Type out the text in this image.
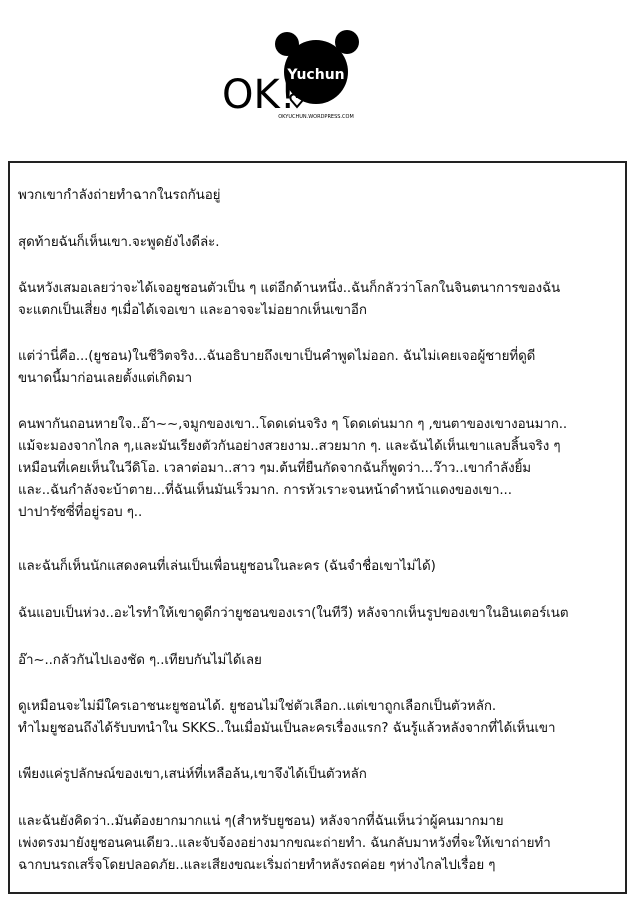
OK!
Yuchun
OKYUCHUN.WORDPRESS.COM
พวกเขากำลังถ่ายทำฉากในรถกันอยู่
สุดท้ายฉันก็เห็นเขา.จะพูดยังไงดีล่ะ.
ฉันหวังเสมอเลยว่าจะได้เจอยูชอนตัวเป็น ๆ แต่อีกด้านหนึ่ง..ฉันก็กลัวว่าโลกในจินตนาการของฉัน
จะแตกเป็นเสี่ยง ๆเมื่อได้เจอเขา และอาจจะไม่อยากเห็นเขาอีก
แต่ว่านี่คือ...(ยูชอน)ในชีวิตจริง...ฉันอธิบายถึงเขาเป็นคำพูดไม่ออก. ฉันไม่เคยเจอผู้ชายที่ดูดี
ขนาดนี้มาก่อนเลยตั้งแต่เกิดมา
คนพากันถอนหายใจ..อ๊า~~,จมูกของเขา..โดดเด่นจริง ๆ โดดเด่นมาก ๆ ,ขนตาของเขางอนมาก..
แม้จะมองจากไกล ๆ,และมันเรียงตัวกันอย่างสวยงาม..สวยมาก ๆ. และฉันได้เห็นเขาแลบลิ้นจริง ๆ
เหมือนที่เคยเห็นในวีดิโอ. เวลาต่อมา..สาว ๆม.ต้นที่ยืนกัดจากฉันก็พูดว่า...ว๊าว..เขากำลังยิ้ม
และ..ฉันกำลังจะบ้าตาย...ที่ฉันเห็นมันเร็วมาก. การหัวเราะจนหน้าดำหน้าแดงของเขา...
ปาปารัซซี่ที่อยู่รอบ ๆ..
และฉันก็เห็นนักแสดงคนที่เล่นเป็นเพื่อนยูชอนในละคร (ฉันจำชื่อเขาไม่ได้)
ฉันแอบเป็นห่วง..อะไรทำให้เขาดูดีกว่ายูชอนของเรา(ในทีวี) หลังจากเห็นรูปของเขาในอินเตอร์เนต
อ๊า~..กลัวกันไปเองชัด ๆ..เทียบกันไม่ได้เลย
ดูเหมือนจะไม่มีใครเอาชนะยูชอนได้. ยูชอนไม่ใช่ตัวเลือก..แต่เขาถูกเลือกเป็นตัวหลัก.
ทำไมยูชอนถึงได้รับบทนำใน SKKS..ในเมื่อมันเป็นละครเรื่องแรก? ฉันรู้แล้วหลังจากที่ได้เห็นเขา
เพียงแค่รูปลักษณ์ของเขา,เสน่ห์ที่เหลือล้น,เขาจึงได้เป็นตัวหลัก
และฉันยังคิดว่า..มันต้องยากมากแน่ ๆ(สำหรับยูชอน) หลังจากที่ฉันเห็นว่าผู้คนมากมาย
เพ่งตรงมายังยูชอนคนเดียว..และจับจ้องอย่างมากขณะถ่ายทำ. ฉันกลับมาหวังที่จะให้เขาถ่ายทำ
ฉากบนรถเสร็จโดยปลอดภัย..และเสียงขณะเริ่มถ่ายทำหลังรถค่อย ๆห่างไกลไปเรื่อย ๆ
